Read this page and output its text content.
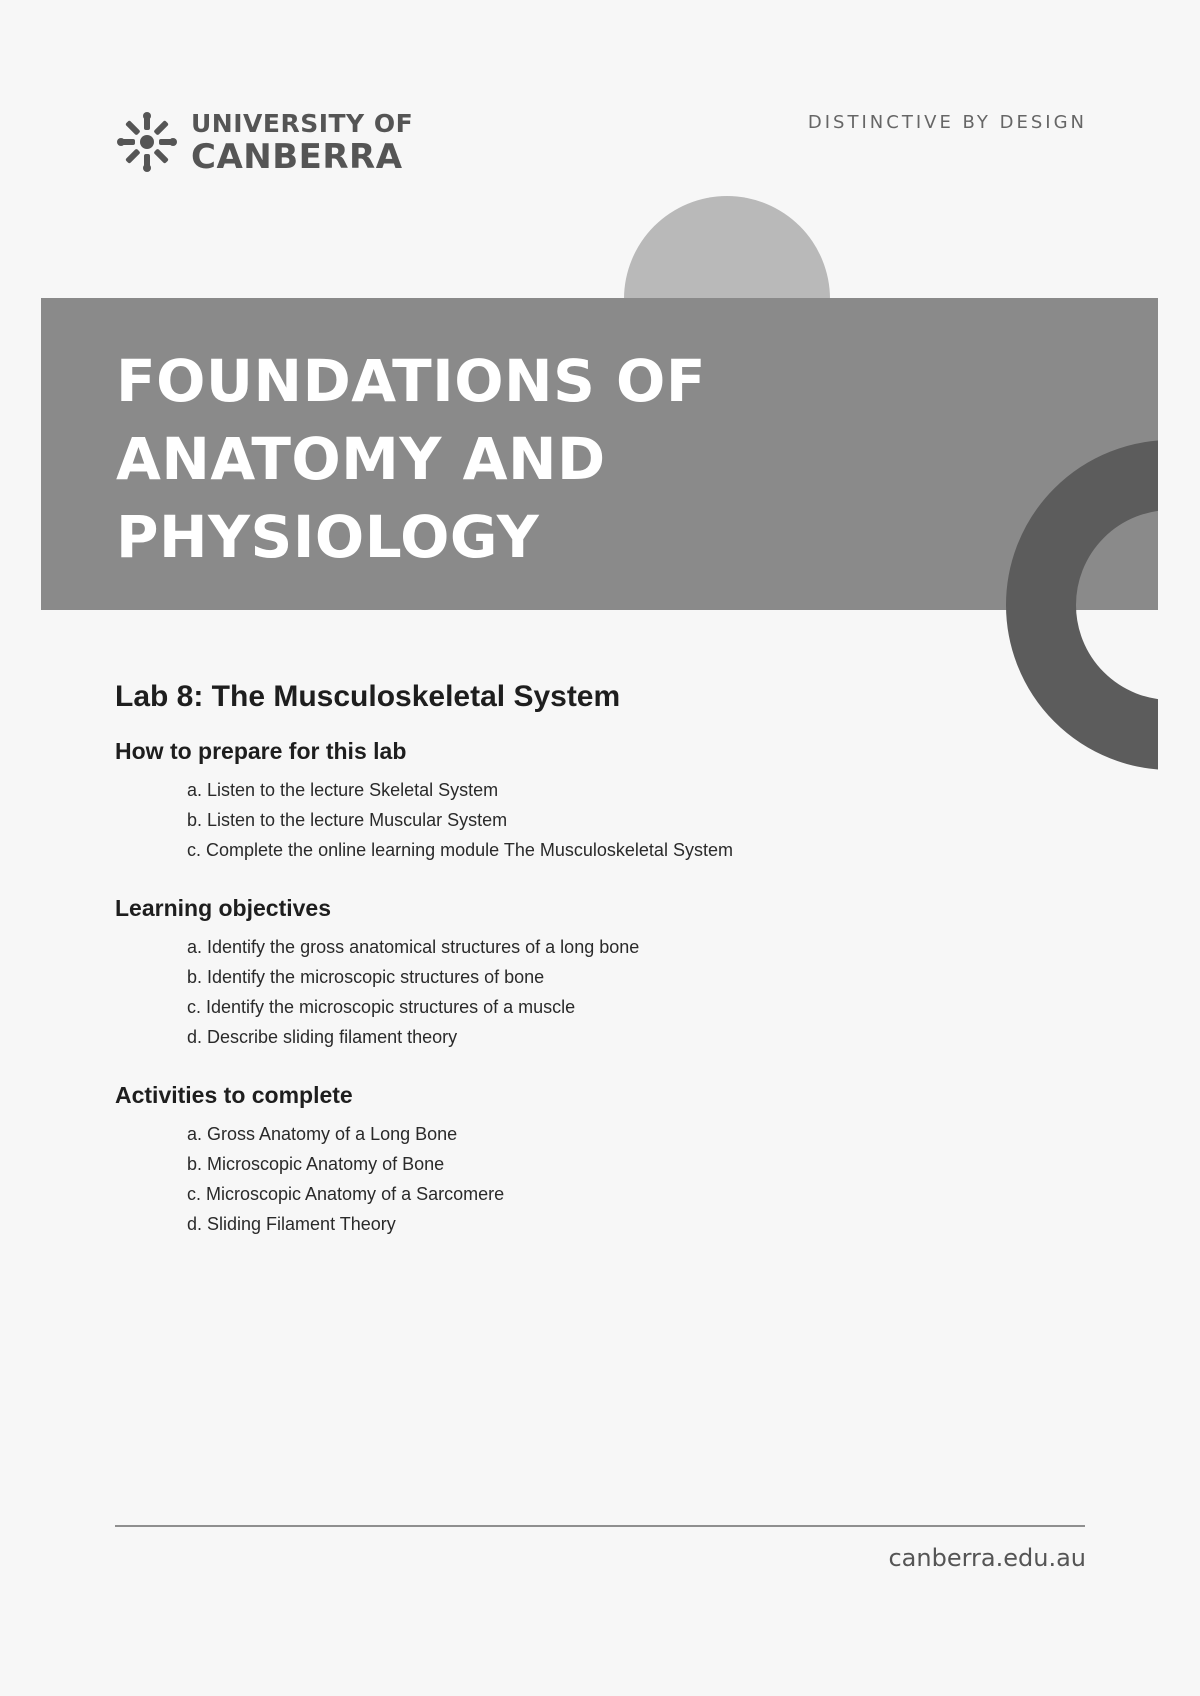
UNIVERSITY OF
CANBERRA
DISTINCTIVE BY DESIGN
FOUNDATIONS OF
ANATOMY AND
PHYSIOLOGY
Lab 8: The Musculoskeletal System
How to prepare for this lab
a. Listen to the lecture Skeletal System
b. Listen to the lecture Muscular System
c. Complete the online learning module The Musculoskeletal System
Learning objectives
a. Identify the gross anatomical structures of a long bone
b. Identify the microscopic structures of bone
c. Identify the microscopic structures of a muscle
d. Describe sliding filament theory
Activities to complete
a. Gross Anatomy of a Long Bone
b. Microscopic Anatomy of Bone
c. Microscopic Anatomy of a Sarcomere
d. Sliding Filament Theory
canberra.edu.au
